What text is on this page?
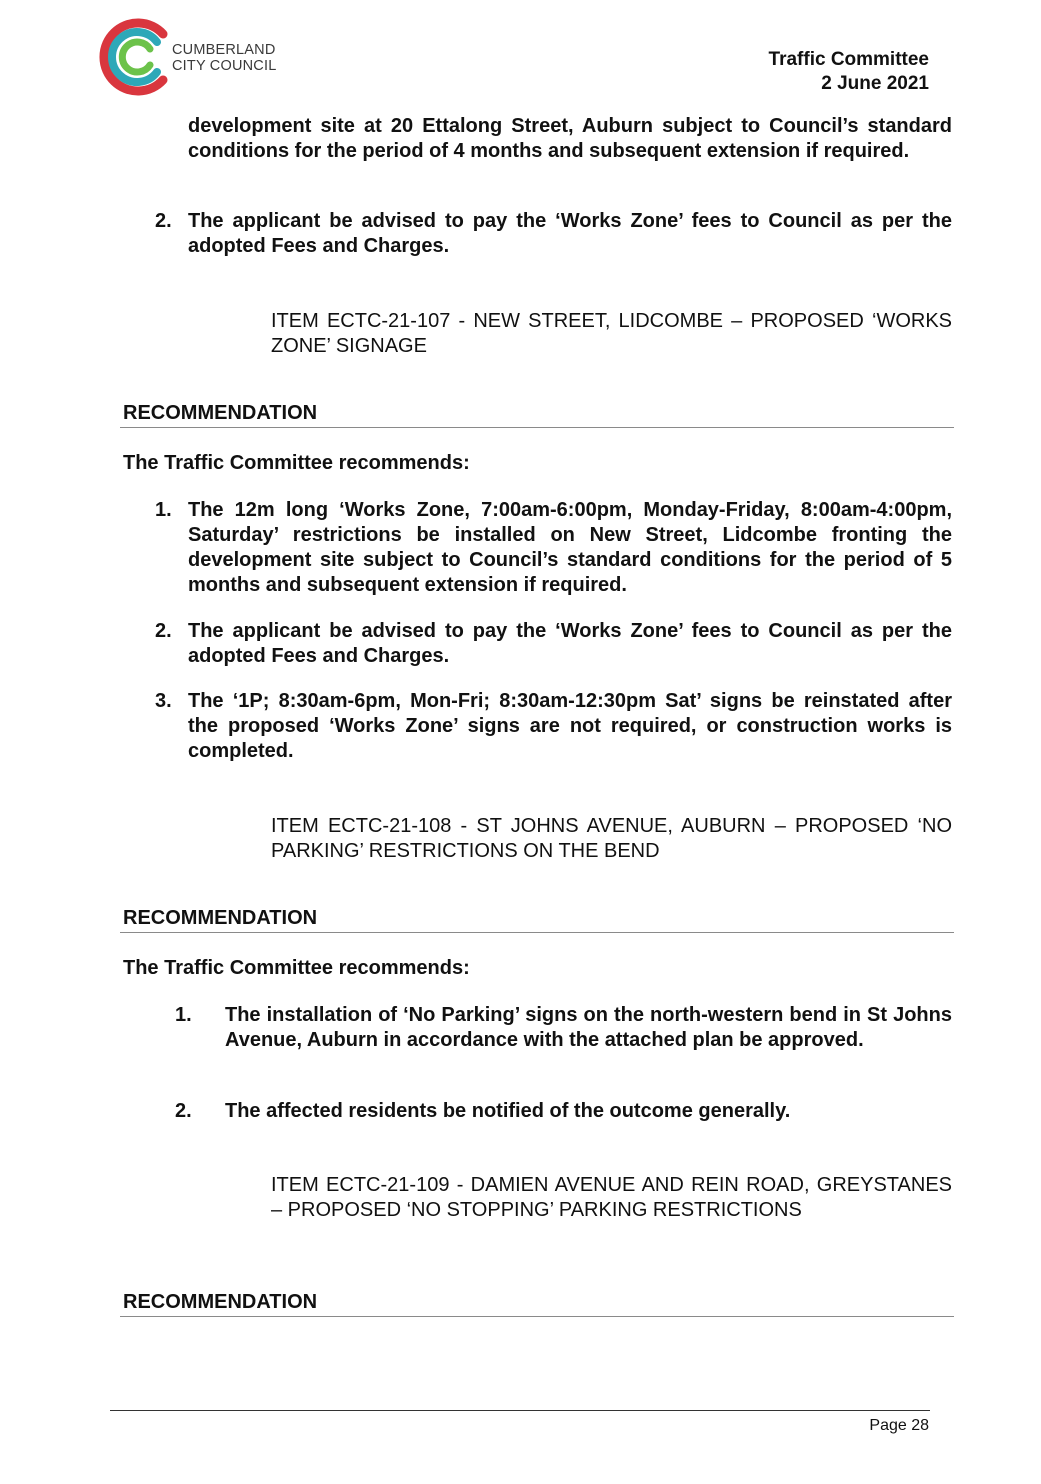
CUMBERLAND
CITY COUNCIL	Traffic Committee
2 June 2021
development site at 20 Ettalong Street, Auburn subject to Council’s standard conditions for the period of 4 months and subsequent extension if required.
2. The applicant be advised to pay the ‘Works Zone’ fees to Council as per the adopted Fees and Charges.
ITEM ECTC-21-107 - NEW STREET, LIDCOMBE – PROPOSED ‘WORKS ZONE’ SIGNAGE
RECOMMENDATION
The Traffic Committee recommends:
1. The 12m long ‘Works Zone, 7:00am-6:00pm, Monday-Friday, 8:00am-4:00pm, Saturday’ restrictions be installed on New Street, Lidcombe fronting the development site subject to Council’s standard conditions for the period of 5 months and subsequent extension if required.
2. The applicant be advised to pay the ‘Works Zone’ fees to Council as per the adopted Fees and Charges.
3. The ‘1P; 8:30am-6pm, Mon-Fri; 8:30am-12:30pm Sat’ signs be reinstated after the proposed ‘Works Zone’ signs are not required, or construction works is completed.
ITEM ECTC-21-108 - ST JOHNS AVENUE, AUBURN – PROPOSED ‘NO PARKING’ RESTRICTIONS ON THE BEND
RECOMMENDATION
The Traffic Committee recommends:
1. The installation of ‘No Parking’ signs on the north-western bend in St Johns Avenue, Auburn in accordance with the attached plan be approved.
2. The affected residents be notified of the outcome generally.
ITEM ECTC-21-109 - DAMIEN AVENUE AND REIN ROAD, GREYSTANES – PROPOSED ‘NO STOPPING’ PARKING RESTRICTIONS
RECOMMENDATION
Page 28
